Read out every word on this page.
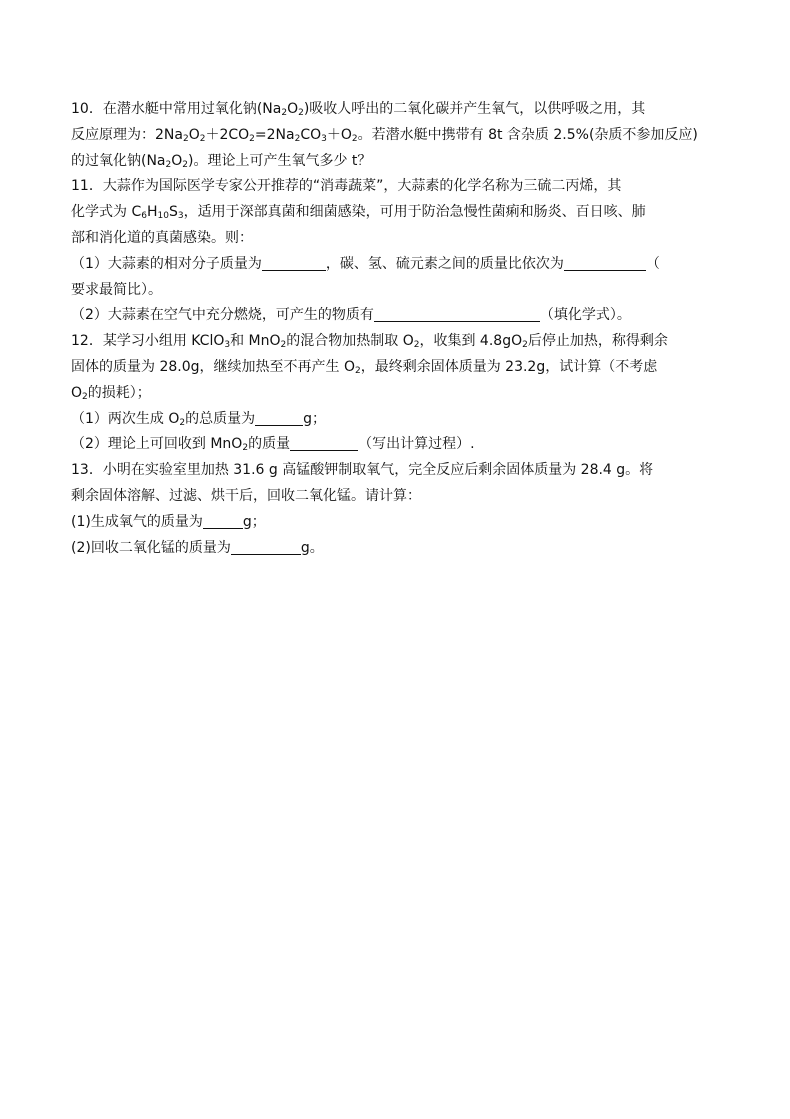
10．在潜水艇中常用过氧化钠$(Na_2O_2)$吸收人呼出的二氧化碳并产生氧气，以供呼吸之用，其

反应原理为：$2Na_2O_2+2CO_2=2Na_2CO_3+O_2$。若潜水艇中携带有 8t 含杂质 2.5%(杂质不参加反应)

的过氧化钠$(Na_2O_2)$。理论上可产生氧气多少 t？

11．大蒜作为国际医学专家公开推荐的“消毒蔬菜”，大蒜素的化学名称为三硫二丙烯，其

化学式为 $C_6H_{10}S_3$，适用于深部真菌和细菌感染，可用于防治急慢性菌痢和肠炎、百日咳、肺

部和消化道的真菌感染。则：

（1）大蒜素的相对分子质量为	，碳、氢、硫元素之间的质量比依次为	（

要求最简比）。

（2）大蒜素在空气中充分燃烧，可产生的物质有	（填化学式）。

12．某学习小组用 KClO$_3$和 MnO$_2$的混合物加热制取 $O_2$，收集到 $4.8gO_2$后停止加热，称得剩余

固体的质量为 28.0g，继续加热至不再产生 $O_2$，最终剩余固体质量为 23.2g，试计算（不考虑

$O_2$的损耗）；

（1）两次生成 $O_2$的总质量为	g；

（2）理论上可回收到 MnO$_2$的质量	（写出计算过程）.

13．小明在实验室里加热 31.6 g 高锰酸钾制取氧气，完全反应后剩余固体质量为 28.4 g。将

剩余固体溶解、过滤、烘干后，回收二氧化锰。请计算：

(1)生成氧气的质量为	g；

(2)回收二氧化锰的质量为	g。
